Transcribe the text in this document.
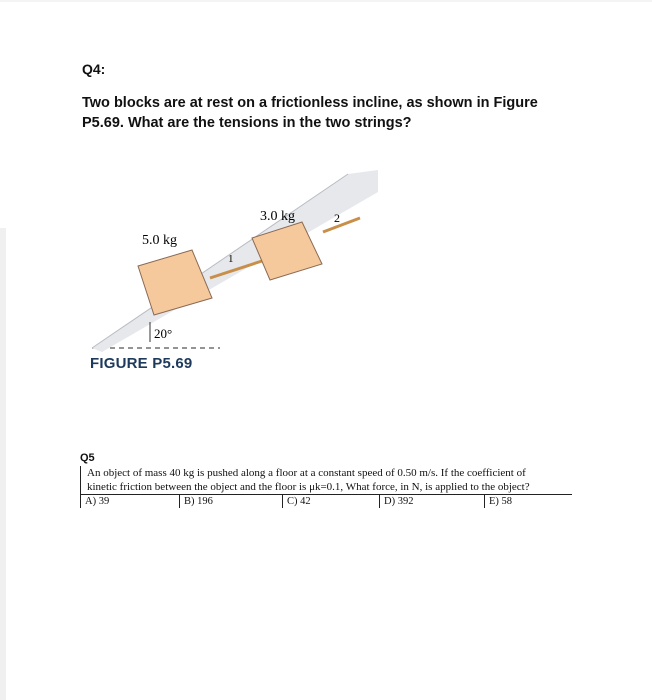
Q4:
Two blocks are at rest on a frictionless incline, as shown in Figure
P5.69. What are the tensions in the two strings?
5.0 kg
3.0 kg
1
2
20°
FIGURE P5.69
Q5
An object of mass 40 kg is pushed along a floor at a constant speed of 0.50 m/s. If the coefficient of
kinetic friction between the object and the floor is μk=0.1, What force, in N, is applied to the object?
A) 39	B) 196	C) 42	D) 392	E) 58
